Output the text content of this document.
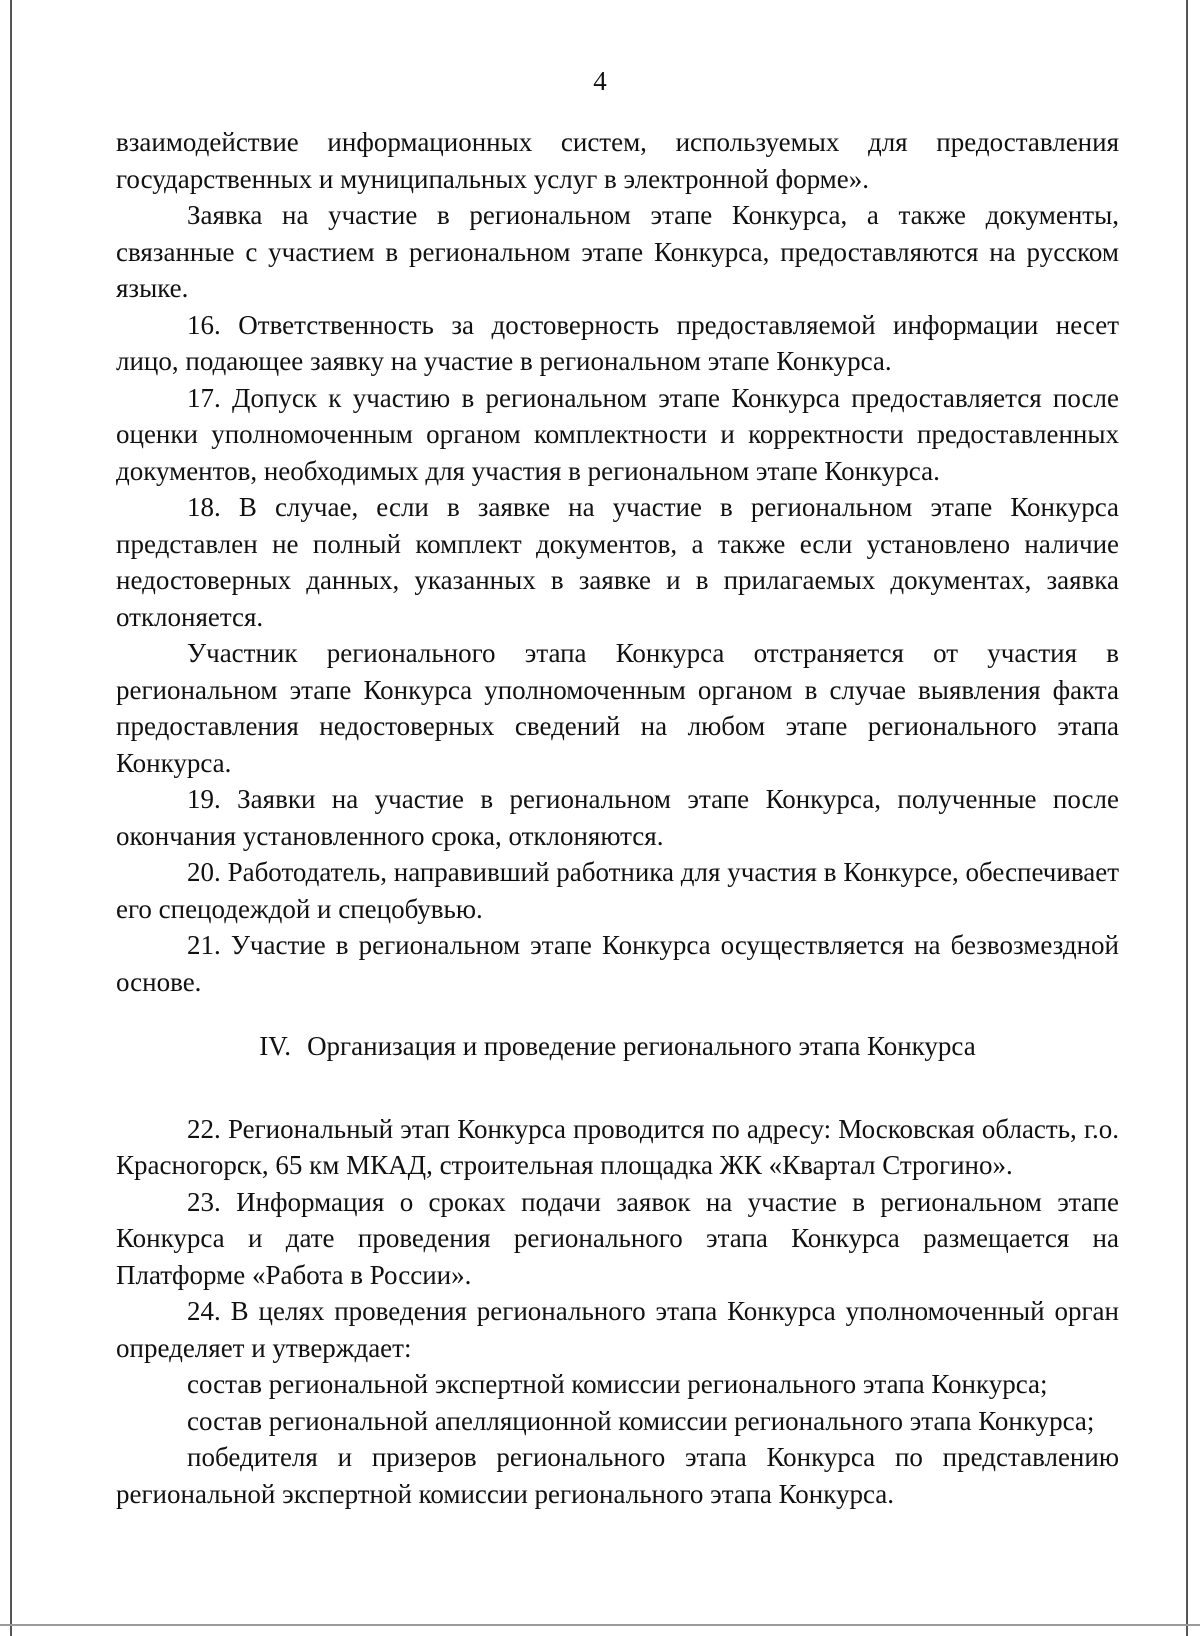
4

взаимодействие информационных систем, используемых для предоставления государственных и муниципальных услуг в электронной форме».

Заявка на участие в региональном этапе Конкурса, а также документы, связанные с участием в региональном этапе Конкурса, предоставляются на русском языке.

16. Ответственность за достоверность предоставляемой информации несет лицо, подающее заявку на участие в региональном этапе Конкурса.

17. Допуск к участию в региональном этапе Конкурса предоставляется после оценки уполномоченным органом комплектности и корректности предоставленных документов, необходимых для участия в региональном этапе Конкурса.

18. В случае, если в заявке на участие в региональном этапе Конкурса представлен не полный комплект документов, а также если установлено наличие недостоверных данных, указанных в заявке и в прилагаемых документах, заявка отклоняется.

Участник регионального этапа Конкурса отстраняется от участия в региональном этапе Конкурса уполномоченным органом в случае выявления факта предоставления недостоверных сведений на любом этапе регионального этапа Конкурса.

19. Заявки на участие в региональном этапе Конкурса, полученные после окончания установленного срока, отклоняются.

20. Работодатель, направивший работника для участия в Конкурсе, обеспечивает его спецодеждой и спецобувью.

21. Участие в региональном этапе Конкурса осуществляется на безвозмездной основе.

IV. Организация и проведение регионального этапа Конкурса

22. Региональный этап Конкурса проводится по адресу: Московская область, г.о. Красногорск, 65 км МКАД, строительная площадка ЖК «Квартал Строгино».

23. Информация о сроках подачи заявок на участие в региональном этапе Конкурса и дате проведения регионального этапа Конкурса размещается на Платформе «Работа в России».

24. В целях проведения регионального этапа Конкурса уполномоченный орган определяет и утверждает:

состав региональной экспертной комиссии регионального этапа Конкурса;

состав региональной апелляционной комиссии регионального этапа Конкурса;

победителя и призеров регионального этапа Конкурса по представлению региональной экспертной комиссии регионального этапа Конкурса.
